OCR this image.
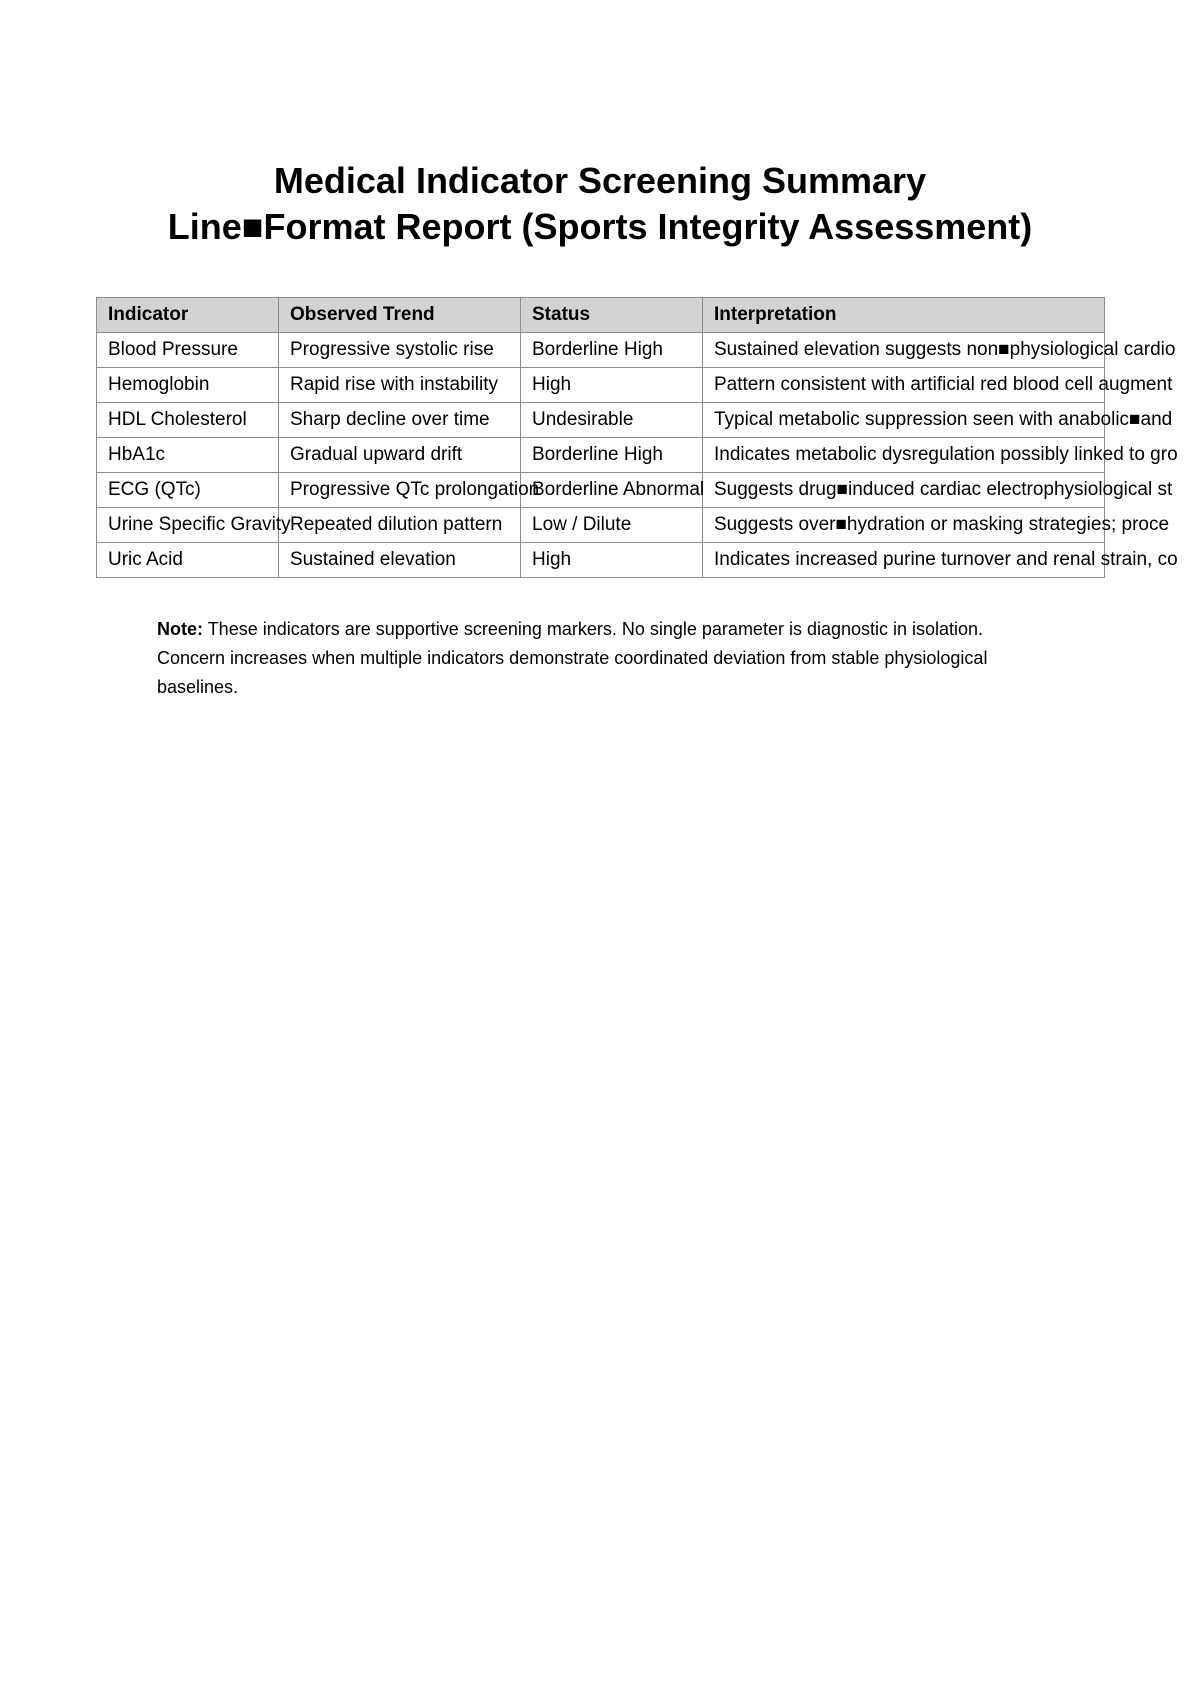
Medical Indicator Screening Summary

Line■Format Report (Sports Integrity Assessment)

Indicator	Observed Trend	Status	Interpretation
Blood Pressure	Progressive systolic rise	Borderline High	Sustained elevation suggests non■physiological cardio
Hemoglobin	Rapid rise with instability	High	Pattern consistent with artificial red blood cell augment
HDL Cholesterol	Sharp decline over time	Undesirable	Typical metabolic suppression seen with anabolic■and
HbA1c	Gradual upward drift	Borderline High	Indicates metabolic dysregulation possibly linked to gro
ECG (QTc)	Progressive QTc prolongation	Borderline Abnormal	Suggests drug■induced cardiac electrophysiological st
Urine Specific Gravity	Repeated dilution pattern	Low / Dilute	Suggests over■hydration or masking strategies; proce
Uric Acid	Sustained elevation	High	Indicates increased purine turnover and renal strain, co

Note: These indicators are supportive screening markers. No single parameter is diagnostic in isolation. Concern increases when multiple indicators demonstrate coordinated deviation from stable physiological baselines.
